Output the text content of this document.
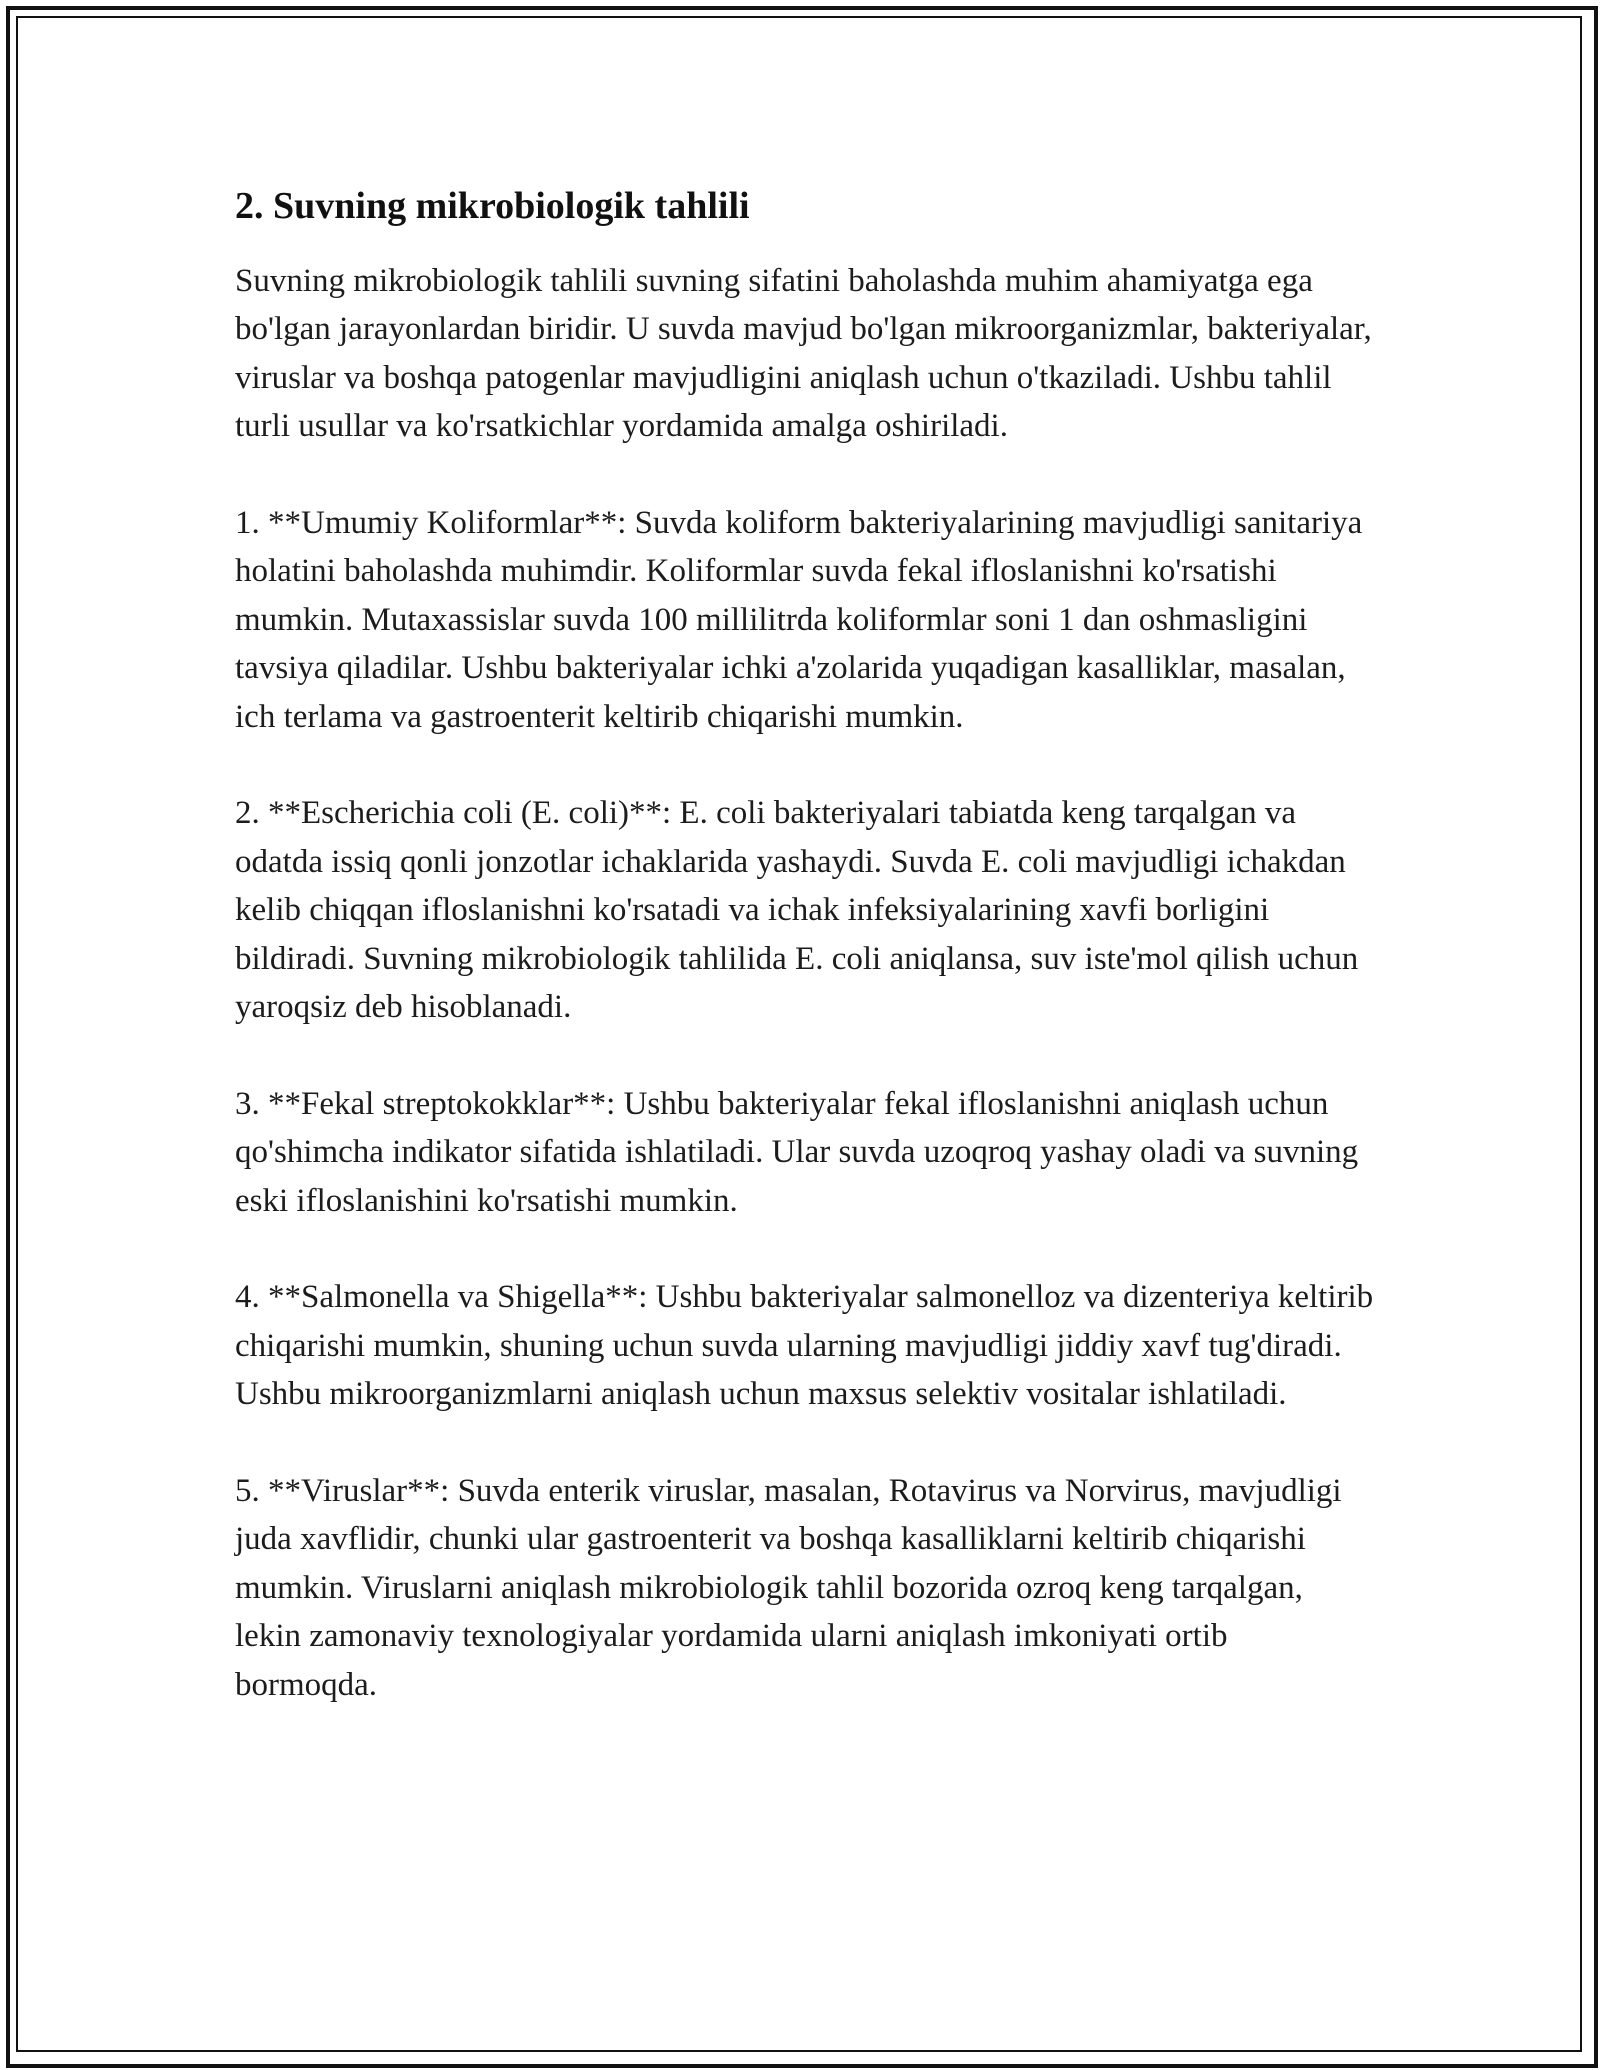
2. Suvning mikrobiologik tahlili

Suvning mikrobiologik tahlili suvning sifatini baholashda muhim ahamiyatga ega bo'lgan jarayonlardan biridir. U suvda mavjud bo'lgan mikroorganizmlar, bakteriyalar, viruslar va boshqa patogenlar mavjudligini aniqlash uchun o'tkaziladi. Ushbu tahlil turli usullar va ko'rsatkichlar yordamida amalga oshiriladi.

1. **Umumiy Koliformlar**: Suvda koliform bakteriyalarining mavjudligi sanitariya holatini baholashda muhimdir. Koliformlar suvda fekal ifloslanishni ko'rsatishi mumkin. Mutaxassislar suvda 100 millilitrda koliformlar soni 1 dan oshmasligini tavsiya qiladilar. Ushbu bakteriyalar ichki a'zolarida yuqadigan kasalliklar, masalan, ich terlama va gastroenterit keltirib chiqarishi mumkin.

2. **Escherichia coli (E. coli)**: E. coli bakteriyalari tabiatda keng tarqalgan va odatda issiq qonli jonzotlar ichaklarida yashaydi. Suvda E. coli mavjudligi ichakdan kelib chiqqan ifloslanishni ko'rsatadi va ichak infeksiyalarining xavfi borligini bildiradi. Suvning mikrobiologik tahlilida E. coli aniqlansa, suv iste'mol qilish uchun yaroqsiz deb hisoblanadi.

3. **Fekal streptokokklar**: Ushbu bakteriyalar fekal ifloslanishni aniqlash uchun qo'shimcha indikator sifatida ishlatiladi. Ular suvda uzoqroq yashay oladi va suvning eski ifloslanishini ko'rsatishi mumkin.

4. **Salmonella va Shigella**: Ushbu bakteriyalar salmonelloz va dizenteriya keltirib chiqarishi mumkin, shuning uchun suvda ularning mavjudligi jiddiy xavf tug'diradi. Ushbu mikroorganizmlarni aniqlash uchun maxsus selektiv vositalar ishlatiladi.

5. **Viruslar**: Suvda enterik viruslar, masalan, Rotavirus va Norvirus, mavjudligi juda xavflidir, chunki ular gastroenterit va boshqa kasalliklarni keltirib chiqarishi mumkin. Viruslarni aniqlash mikrobiologik tahlil bozorida ozroq keng tarqalgan, lekin zamonaviy texnologiyalar yordamida ularni aniqlash imkoniyati ortib bormoqda.
